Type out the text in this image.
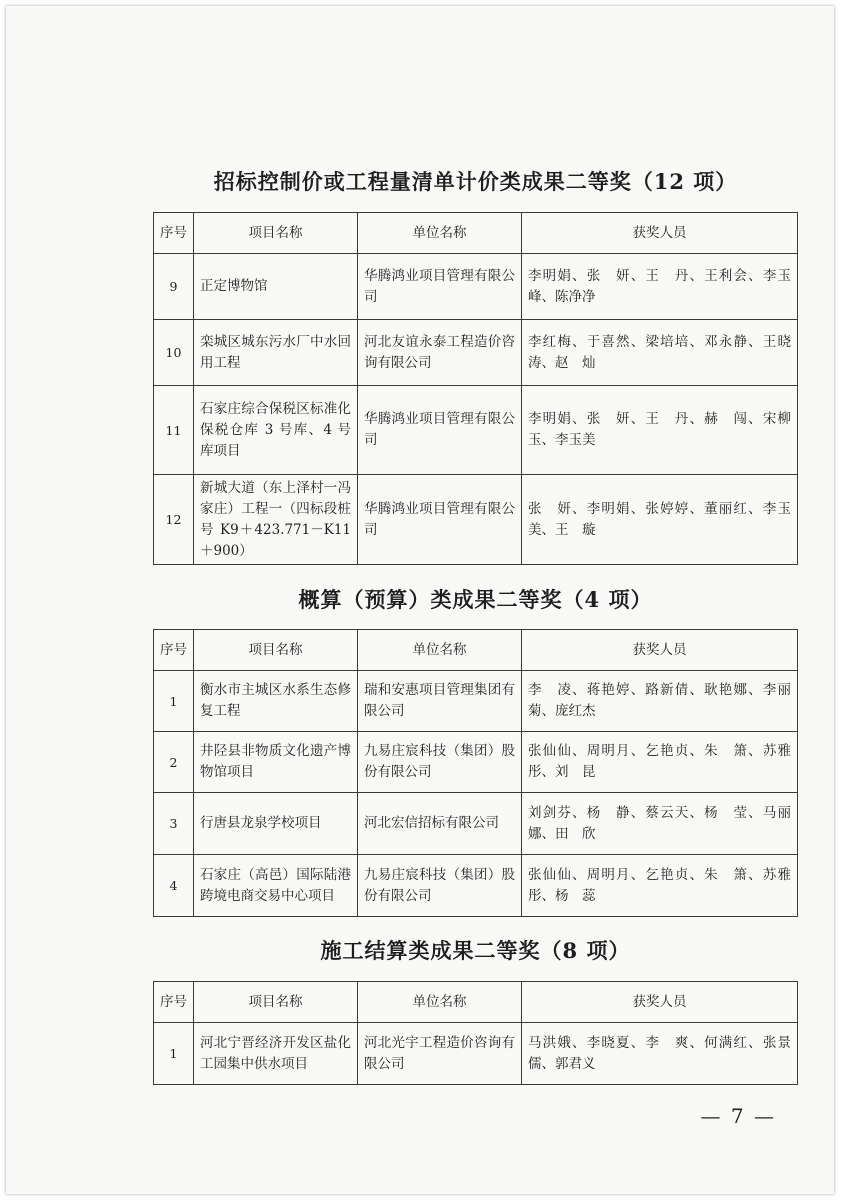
招标控制价或工程量清单计价类成果二等奖（12 项）
序号	项目名称	单位名称	获奖人员
9	正定博物馆	华腾鸿业项目管理有限公司	李明娟、张　妍、王　丹、王利会、李玉峰、陈净净
10	栾城区城东污水厂中水回用工程	河北友谊永泰工程造价咨询有限公司	李红梅、于喜然、梁培培、邓永静、王晓涛、赵　灿
11	石家庄综合保税区标准化保税仓库 3 号库、4 号库项目	华腾鸿业项目管理有限公司	李明娟、张　妍、王　丹、赫　闯、宋柳玉、李玉美
12	新城大道（东上泽村一冯家庄）工程一（四标段桩号 K9＋423.771－K11＋900）	华腾鸿业项目管理有限公司	张　妍、李明娟、张婷婷、董丽红、李玉美、王　璇
概算（预算）类成果二等奖（4 项）
序号	项目名称	单位名称	获奖人员
1	衡水市主城区水系生态修复工程	瑞和安惠项目管理集团有限公司	李　凌、蒋艳婷、路新倩、耿艳娜、李丽菊、庞红杰
2	井陉县非物质文化遗产博物馆项目	九易庄宸科技（集团）股份有限公司	张仙仙、周明月、乞艳贞、朱　箫、苏雅彤、刘　昆
3	行唐县龙泉学校项目	河北宏信招标有限公司	刘剑芬、杨　静、蔡云天、杨　莹、马丽娜、田　欣
4	石家庄（高邑）国际陆港跨境电商交易中心项目	九易庄宸科技（集团）股份有限公司	张仙仙、周明月、乞艳贞、朱　箫、苏雅彤、杨　蕊
施工结算类成果二等奖（8 项）
序号	项目名称	单位名称	获奖人员
1	河北宁晋经济开发区盐化工园集中供水项目	河北光宇工程造价咨询有限公司	马洪娥、李晓夏、李　爽、何满红、张景儒、郭君义
— 7 —
